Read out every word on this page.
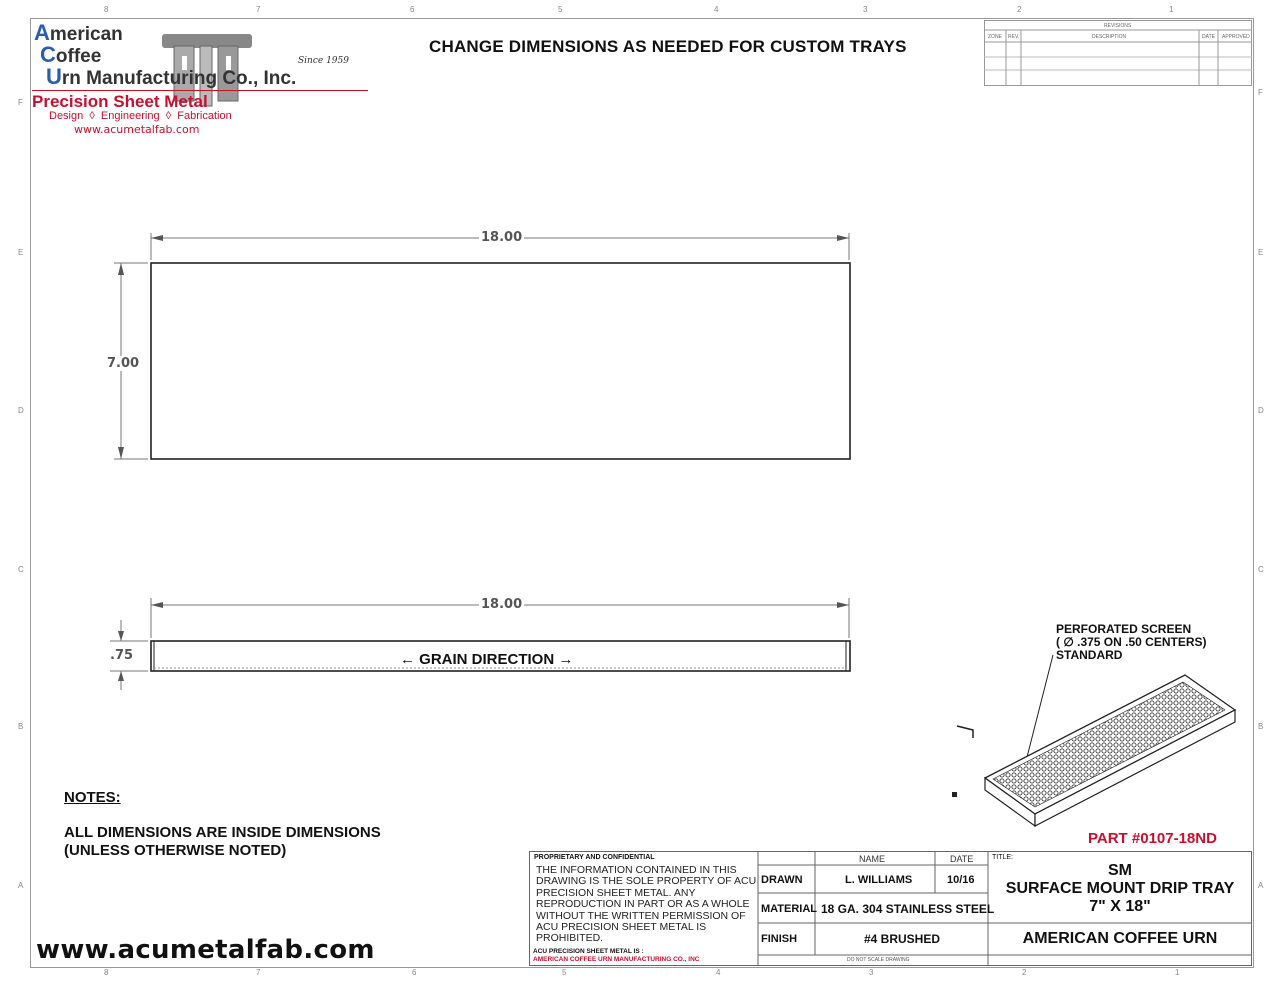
8	7	6	5	4	3	2	1
8	7	6	5	4	3	2	1
F
E
D
C
B
A
F
E
D
C
B
A
American
Coffee
Urn Manufacturing Co., Inc.
Since 1959
Precision Sheet Metal
Design  ◊  Engineering  ◊  Fabrication
www.acumetalfab.com
CHANGE DIMENSIONS AS NEEDED FOR CUSTOM TRAYS
REVISIONS
ZONE REV.	DESCRIPTION	DATE APPROVED
18.00
7.00
18.00
.75	← GRAIN DIRECTION →
PERFORATED SCREEN
( ∅ .375 ON .50 CENTERS)
STANDARD
PART #0107-18ND
NOTES:
ALL DIMENSIONS ARE INSIDE DIMENSIONS
(UNLESS OTHERWISE NOTED)
www.acumetalfab.com
PROPRIETARY AND CONFIDENTIAL
THE INFORMATION CONTAINED IN THIS DRAWING IS THE SOLE PROPERTY OF ACU PRECISION SHEET METAL. ANY REPRODUCTION IN PART OR AS A WHOLE WITHOUT THE WRITTEN PERMISSION OF ACU PRECISION SHEET METAL IS PROHIBITED.
ACU PRECISION SHEET METAL IS :
AMERICAN COFFEE URN MANUFACTURING CO., INC
NAME	DATE
DRAWN	L. WILLIAMS	10/16
MATERIAL 18 GA. 304 STAINLESS STEEL
FINISH	#4 BRUSHED
DO NOT SCALE DRAWING
TITLE:
SM
SURFACE MOUNT DRIP TRAY
7" X 18"
AMERICAN COFFEE URN
